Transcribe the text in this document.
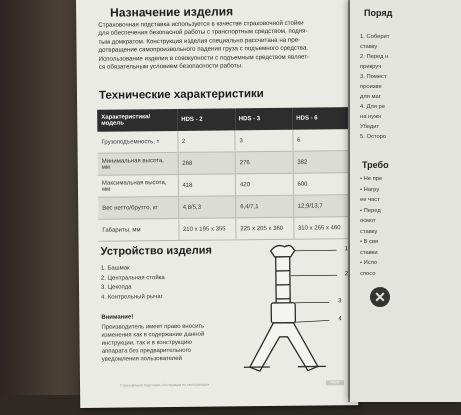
Назначение изделия
Страховочная подставка используется в качестве страховочной стойки
для обеспечения безопасной работы с транспортным средством, подня-
тым домкратом. Конструкция изделия специально рассчитана на пре-
дотвращение самопроизвольного падения груза с подъемного средства.
Использование изделия в совокупности с подъемным средством являет-
ся обязательным условием безопасности работы.
Технические характеристики
Характеристика/ модель	HDS - 2	HDS - 3	HDS - 6
Грузоподъемность, т	2	3	6
Минимальная высота, мм	268	276	382
Максимальная высота, мм	418	420	600
Вес нетто/брутто, кг	4,8/5,3	6,4/7,1	12,9/13,7
Габариты, мм	210 x 195 x 355	225 x 205 x 360	310 x 265 x 460
Устройство изделия
1. Башмак
2. Центральная стойка
3. Цекопда
4. Контрольный рычаг
Внимание!
Производитель имеет право вносить
изменения как в содержание данной
инструкции, так и в конструкцию
аппарата без предварительного
уведомления пользователей
1
2
3
4
Страховочная подставка. Инструкция по эксплуатации
WIEST
Поряд
1. Соберит
ставку
2. Перед н
прикруч
3. Помест
произве
для маг
4. Для ре
на нужн
Убедит
5. Осторо
Требо
• Не пре
• Нагру
ее част
• Перед
осмот
ставку
• В свя
ставки
• Испо
спосо
✕
